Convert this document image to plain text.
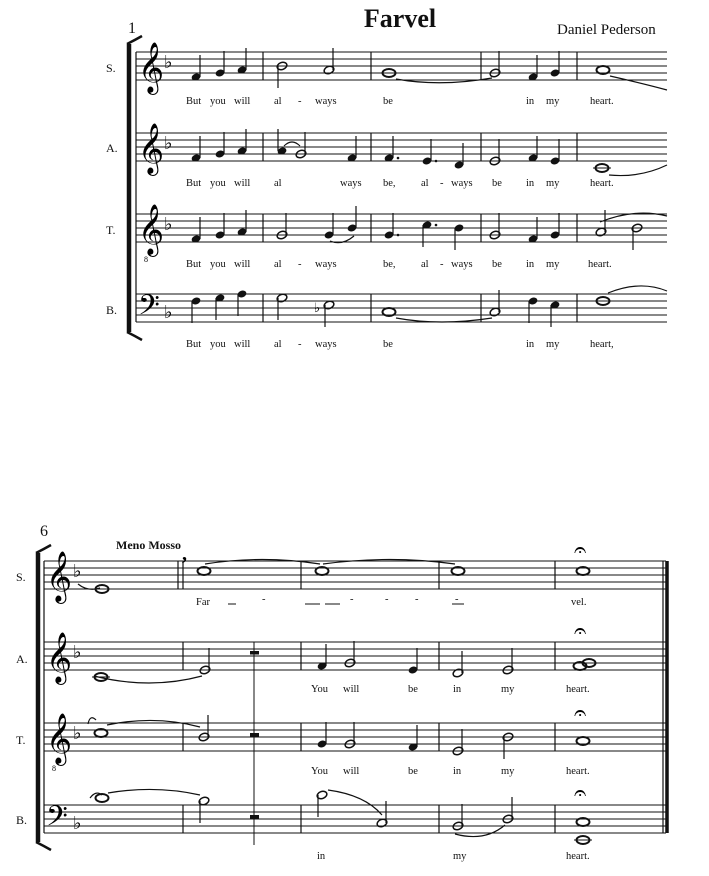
Farvel	Daniel Pederson
1
6
Meno Mosso
S.
A.
T.
B.
S.
A.
T.
B.
But you will al - ways	be	in my	heart.
But you will al	ways be, al - ways be in my	heart.
But you will al - ways	be, al - ways be in my	heart.
But you will al - ways	be	in my	heart,
Far	-	-	-	-	-	vel.
You will	be	in	my	heart.
You will	be	in	my	heart.
in	my	heart.
𝄞 ♭
𝄞 ♭
𝄞
8
♭
𝄢 ♭	♭
𝄞 ♭
𝄞 ♭
𝄞
8
♭
𝄢 ♭
,	𝄐
𝄐
𝄐
𝄐
